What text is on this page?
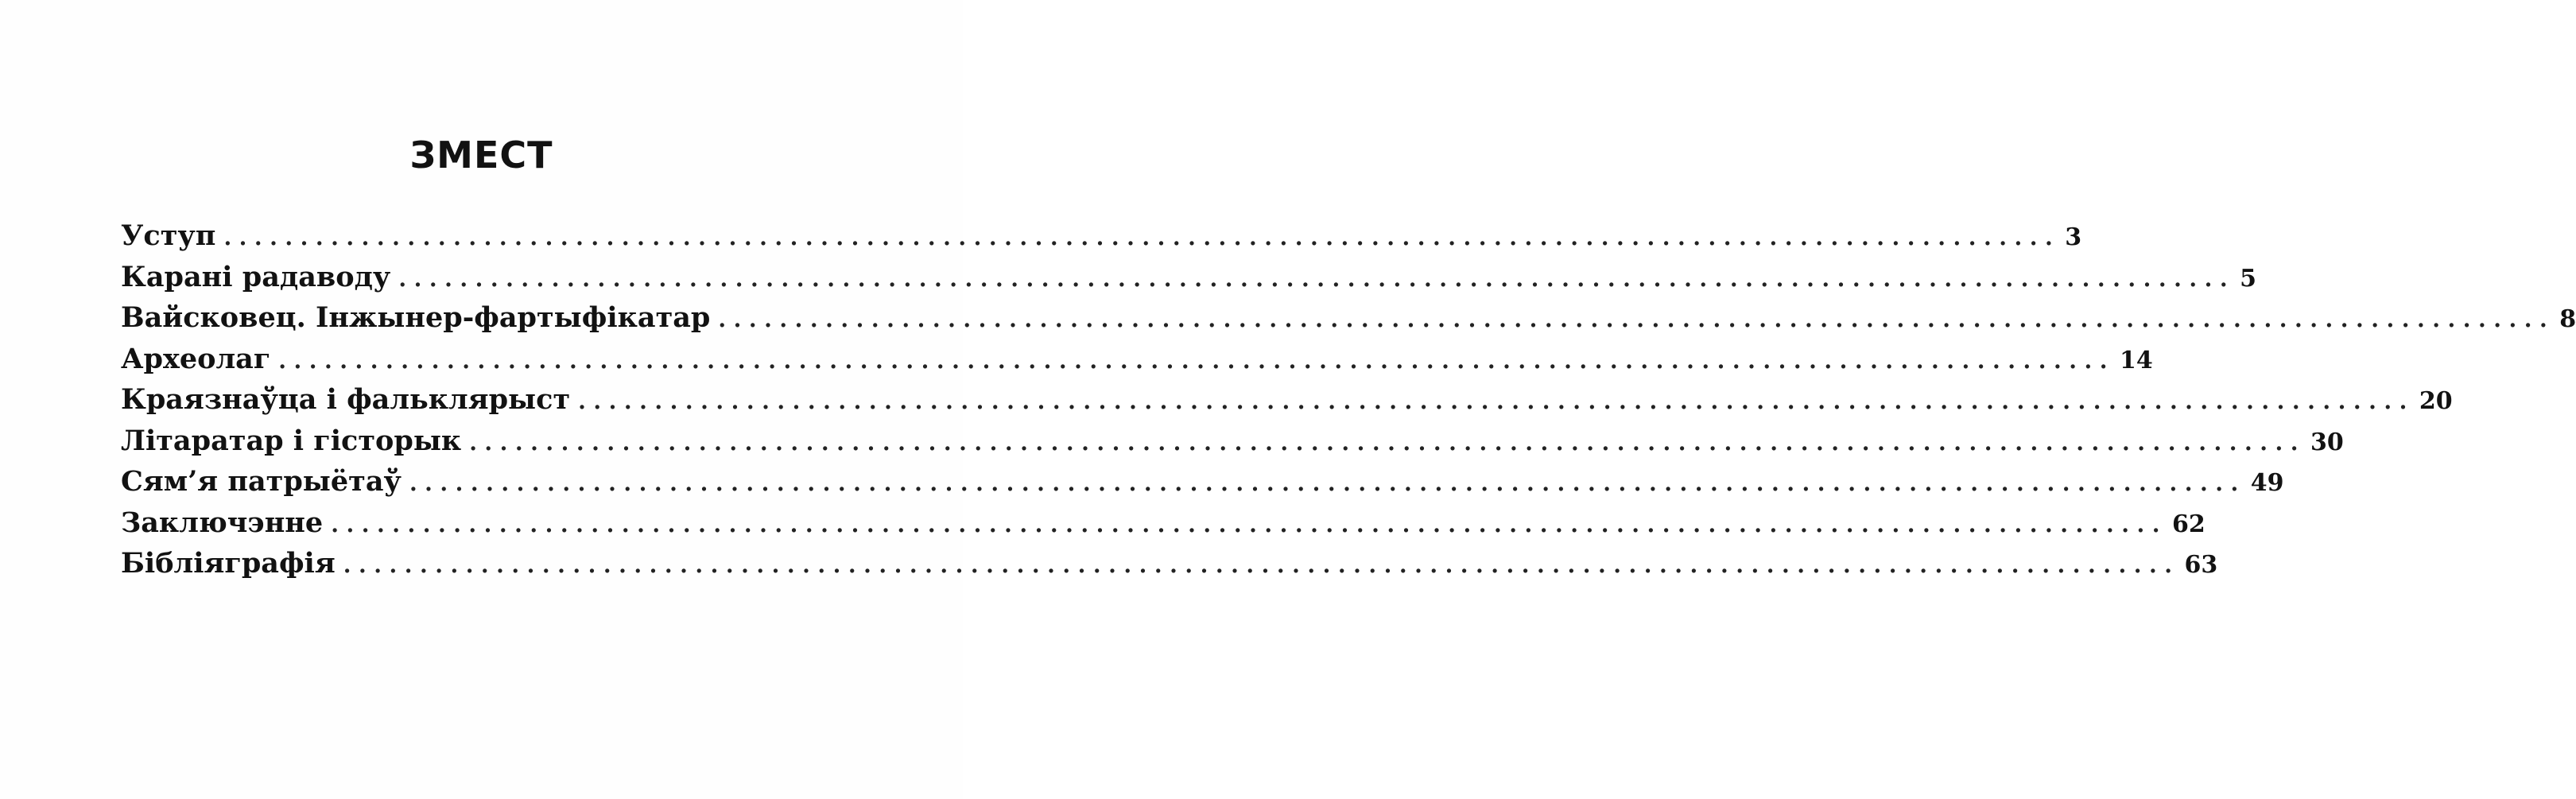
ЗМЕСТ
Уступ ........................................................................................................................ 3
Карані радаводу ........................................................................................................................ 5
Вайсковец. Інжынер-фартыфікатар ........................................................................................................................ 8
Археолаг ........................................................................................................................ 14
Краязнаўца і фальклярыст ........................................................................................................................ 20
Літаратар і гісторык ........................................................................................................................ 30
Сям’я патрыётаў ........................................................................................................................ 49
Заключэнне ........................................................................................................................ 62
Бібліяграфія ........................................................................................................................ 63
